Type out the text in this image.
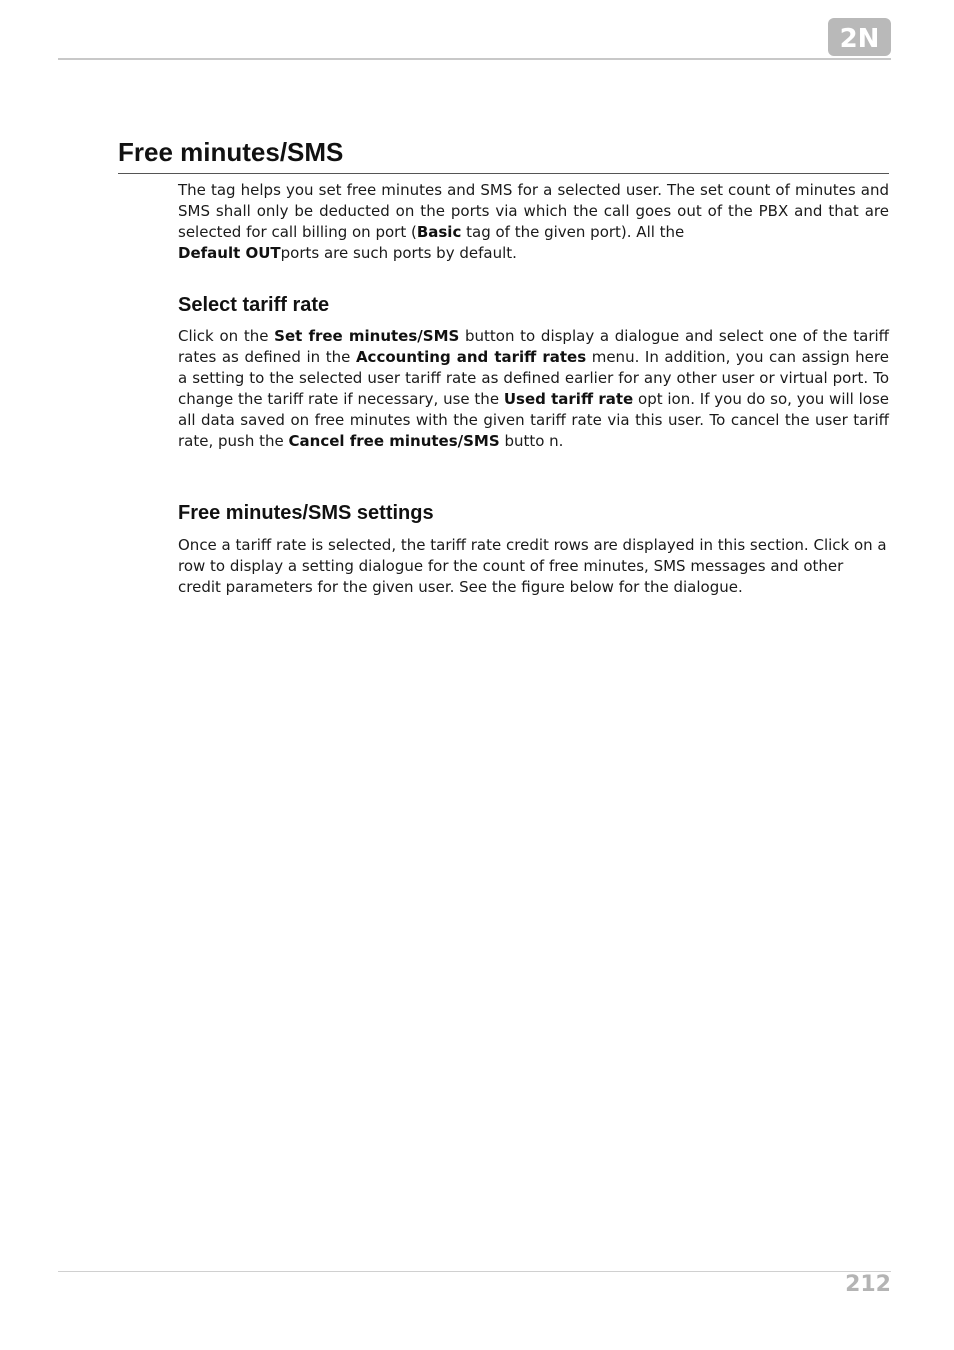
2N
Free minutes/SMS

The tag helps you set free minutes and SMS for a selected user. The set count of minutes and SMS shall only be deducted on the ports via which the call goes out of the PBX and that are selected for call billing on port (Basic tag of the given port). All the
Default OUTports are such ports by default.

Select tariff rate

Click on the Set free minutes/SMS button to display a dialogue and select one of the tariff rates as defined in the Accounting and tariff rates menu. In addition, you can assign here a setting to the selected user tariff rate as defined earlier for any other user or virtual port. To change the tariff rate if necessary, use the Used tariff rate opt ion. If you do so, you will lose all data saved on free minutes with the given tariff rate via this user. To cancel the user tariff rate, push the Cancel free minutes/SMS butto n.

Free minutes/SMS settings

Once a tariff rate is selected, the tariff rate credit rows are displayed in this section. Click on a row to display a setting dialogue for the count of free minutes, SMS messages and other credit parameters for the given user. See the figure below for the dialogue.

212
